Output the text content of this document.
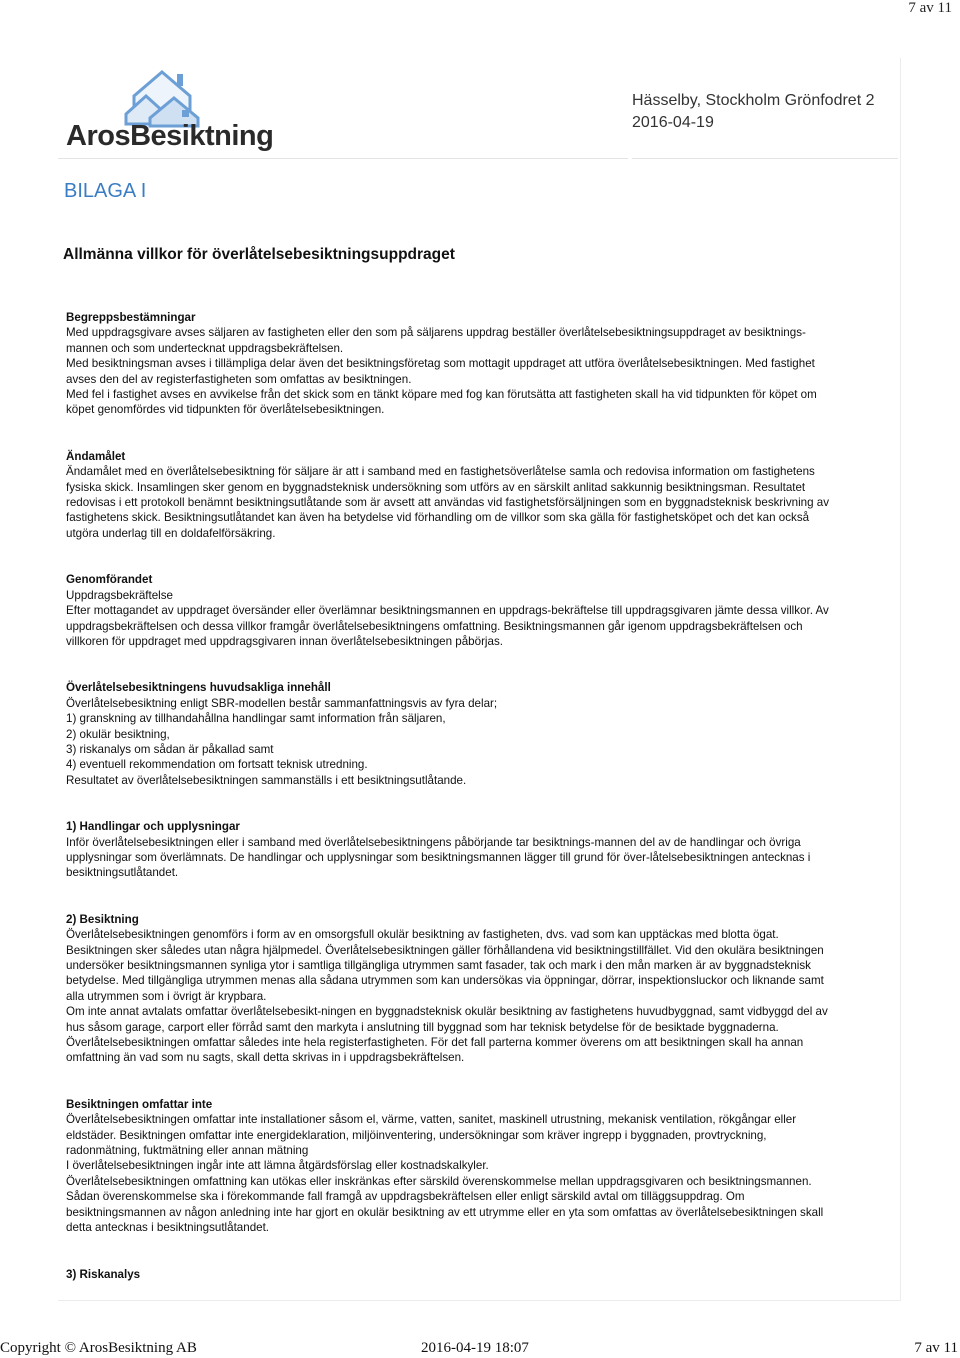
7 av 11
ArosBesiktning
Hässelby, Stockholm Grönfodret 2
2016-04-19
BILAGA I
Allmänna villkor för överlåtelsebesiktningsuppdraget
Begreppsbestämningar

Med uppdragsgivare avses säljaren av fastigheten eller den som på säljarens uppdrag beställer överlåtelsebesiktningsuppdraget av besiktnings-

mannen och som undertecknat uppdragsbekräftelsen.

Med besiktningsman avses i tillämpliga delar även det besiktningsföretag som mottagit uppdraget att utföra överlåtelsebesiktningen. Med fastighet

avses den del av registerfastigheten som omfattas av besiktningen.

Med fel i fastighet avses en avvikelse från det skick som en tänkt köpare med fog kan förutsätta att fastigheten skall ha vid tidpunkten för köpet om

köpet genomfördes vid tidpunkten för överlåtelsebesiktningen.

Ändamålet

Ändamålet med en överlåtelsebesiktning för säljare är att i samband med en fastighetsöverlåtelse samla och redovisa information om fastighetens

fysiska skick. Insamlingen sker genom en byggnadsteknisk undersökning som utförs av en särskilt anlitad sakkunnig besiktningsman. Resultatet

redovisas i ett protokoll benämnt besiktningsutlåtande som är avsett att användas vid fastighetsförsäljningen som en byggnadsteknisk beskrivning av

fastighetens skick. Besiktningsutlåtandet kan även ha betydelse vid förhandling om de villkor som ska gälla för fastighetsköpet och det kan också

utgöra underlag till en doldafelförsäkring.

Genomförandet

Uppdragsbekräftelse

Efter mottagandet av uppdraget översänder eller överlämnar besiktningsmannen en uppdrags-bekräftelse till uppdragsgivaren jämte dessa villkor. Av

uppdragsbekräftelsen och dessa villkor framgår överlåtelsebesiktningens omfattning. Besiktningsmannen går igenom uppdragsbekräftelsen och

villkoren för uppdraget med uppdragsgivaren innan överlåtelsebesiktningen påbörjas.

Överlåtelsebesiktningens huvudsakliga innehåll

Överlåtelsebesiktning enligt SBR-modellen består sammanfattningsvis av fyra delar;

1) granskning av tillhandahållna handlingar samt information från säljaren,

2) okulär besiktning,

3) riskanalys om sådan är påkallad samt

4) eventuell rekommendation om fortsatt teknisk utredning.

Resultatet av överlåtelsebesiktningen sammanställs i ett besiktningsutlåtande.

1) Handlingar och upplysningar

Inför överlåtelsebesiktningen eller i samband med överlåtelsebesiktningens påbörjande tar besiktnings-mannen del av de handlingar och övriga

upplysningar som överlämnats. De handlingar och upplysningar som besiktningsmannen lägger till grund för över-låtelsebesiktningen antecknas i

besiktningsutlåtandet.

2) Besiktning

Överlåtelsebesiktningen genomförs i form av en omsorgsfull okulär besiktning av fastigheten, dvs. vad som kan upptäckas med blotta ögat.

Besiktningen sker således utan några hjälpmedel. Överlåtelsebesiktningen gäller förhållandena vid besiktningstillfället. Vid den okulära besiktningen

undersöker besiktningsmannen synliga ytor i samtliga tillgängliga utrymmen samt fasader, tak och mark i den mån marken är av byggnadsteknisk

betydelse. Med tillgängliga utrymmen menas alla sådana utrymmen som kan undersökas via öppningar, dörrar, inspektionsluckor och liknande samt

alla utrymmen som i övrigt är krypbara.

Om inte annat avtalats omfattar överlåtelsebesikt-ningen en byggnadsteknisk okulär besiktning av fastighetens huvudbyggnad, samt vidbyggd del av

hus såsom garage, carport eller förråd samt den markyta i anslutning till byggnad som har teknisk betydelse för de besiktade byggnaderna.

Överlåtelsebesiktningen omfattar således inte hela registerfastigheten. För det fall parterna kommer överens om att besiktningen skall ha annan

omfattning än vad som nu sagts, skall detta skrivas in i uppdragsbekräftelsen.

Besiktningen omfattar inte

Överlåtelsebesiktningen omfattar inte installationer såsom el, värme, vatten, sanitet, maskinell utrustning, mekanisk ventilation, rökgångar eller

eldstäder. Besiktningen omfattar inte energideklaration, miljöinventering, undersökningar som kräver ingrepp i byggnaden, provtryckning,

radonmätning, fuktmätning eller annan mätning

I överlåtelsebesiktningen ingår inte att lämna åtgärdsförslag eller kostnadskalkyler.

Överlåtelsebesiktningen omfattning kan utökas eller inskränkas efter särskild överenskommelse mellan uppdragsgivaren och besiktningsmannen.

Sådan överenskommelse ska i förekommande fall framgå av uppdragsbekräftelsen eller enligt särskild avtal om tilläggsuppdrag. Om

besiktningsmannen av någon anledning inte har gjort en okulär besiktning av ett utrymme eller en yta som omfattas av överlåtelsebesiktningen skall

detta antecknas i besiktningsutlåtandet.

3) Riskanalys
Copyright © ArosBesiktning AB	2016-04-19 18:07	7 av 11
